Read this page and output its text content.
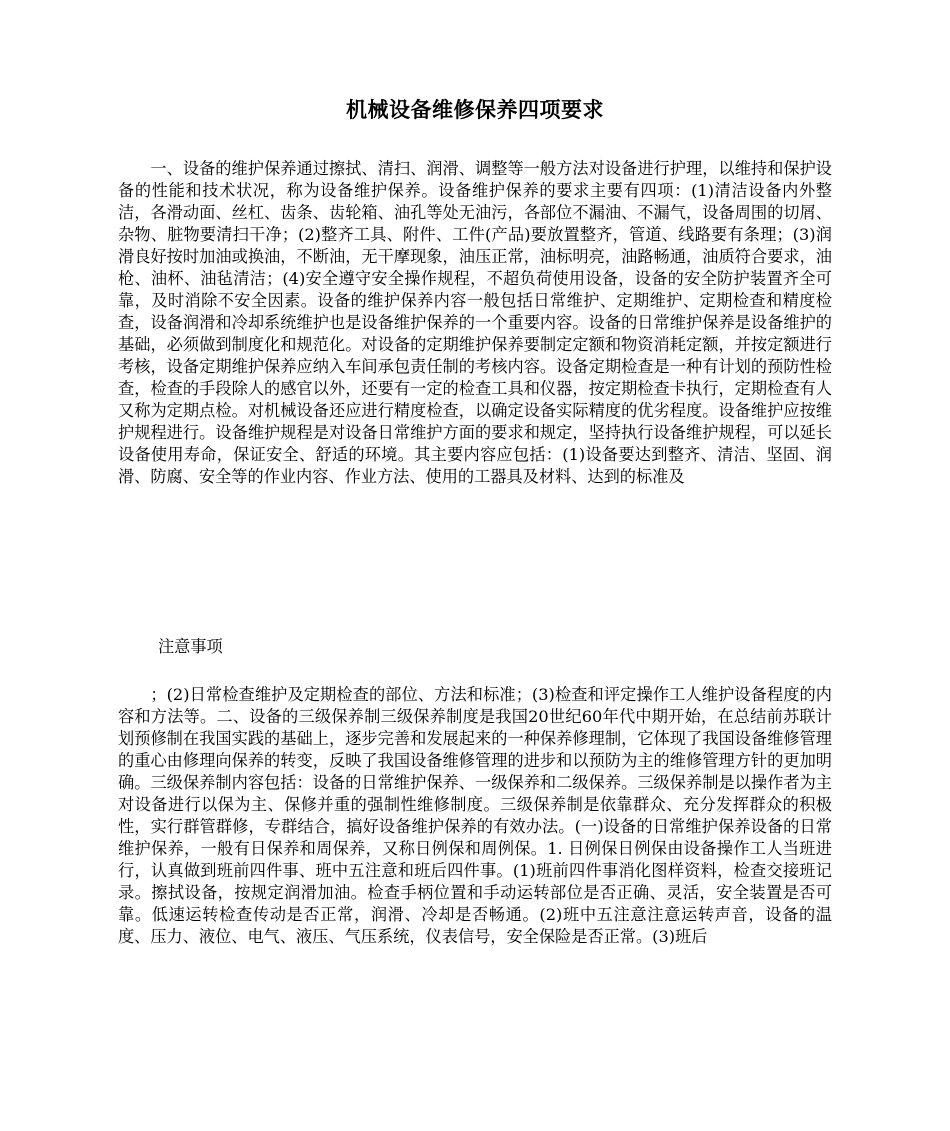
机械设备维修保养四项要求

一、设备的维护保养通过擦拭、清扫、润滑、调整等一般方法对设备进行护理，以维持和保护设备的性能和技术状况，称为设备维护保养。设备维护保养的要求主要有四项：(1)清洁设备内外整洁，各滑动面、丝杠、齿条、齿轮箱、油孔等处无油污，各部位不漏油、不漏气，设备周围的切屑、杂物、脏物要清扫干净；(2)整齐工具、附件、工件(产品)要放置整齐，管道、线路要有条理；(3)润滑良好按时加油或换油，不断油，无干摩现象，油压正常，油标明亮，油路畅通，油质符合要求，油枪、油杯、油毡清洁；(4)安全遵守安全操作规程，不超负荷使用设备，设备的安全防护装置齐全可靠，及时消除不安全因素。设备的维护保养内容一般包括日常维护、定期维护、定期检查和精度检查，设备润滑和冷却系统维护也是设备维护保养的一个重要内容。设备的日常维护保养是设备维护的基础，必须做到制度化和规范化。对设备的定期维护保养要制定定额和物资消耗定额，并按定额进行考核，设备定期维护保养应纳入车间承包责任制的考核内容。设备定期检查是一种有计划的预防性检查，检查的手段除人的感官以外，还要有一定的检查工具和仪器，按定期检查卡执行，定期检查有人又称为定期点检。对机械设备还应进行精度检查，以确定设备实际精度的优劣程度。设备维护应按维护规程进行。设备维护规程是对设备日常维护方面的要求和规定，坚持执行设备维护规程，可以延长设备使用寿命，保证安全、舒适的环境。其主要内容应包括：(1)设备要达到整齐、清洁、坚固、润滑、防腐、安全等的作业内容、作业方法、使用的工器具及材料、达到的标准及

注意事项

；(2)日常检查维护及定期检查的部位、方法和标准；(3)检查和评定操作工人维护设备程度的内容和方法等。二、设备的三级保养制三级保养制度是我国20世纪60年代中期开始，在总结前苏联计划预修制在我国实践的基础上，逐步完善和发展起来的一种保养修理制，它体现了我国设备维修管理的重心由修理向保养的转变，反映了我国设备维修管理的进步和以预防为主的维修管理方针的更加明确。三级保养制内容包括：设备的日常维护保养、一级保养和二级保养。三级保养制是以操作者为主对设备进行以保为主、保修并重的强制性维修制度。三级保养制是依靠群众、充分发挥群众的积极性，实行群管群修，专群结合，搞好设备维护保养的有效办法。(一)设备的日常维护保养设备的日常维护保养，一般有日保养和周保养，又称日例保和周例保。1. 日例保日例保由设备操作工人当班进行，认真做到班前四件事、班中五注意和班后四件事。(1)班前四件事消化图样资料，检查交接班记录。擦拭设备，按规定润滑加油。检查手柄位置和手动运转部位是否正确、灵活，安全装置是否可靠。低速运转检查传动是否正常，润滑、冷却是否畅通。(2)班中五注意注意运转声音，设备的温度、压力、液位、电气、液压、气压系统，仪表信号，安全保险是否正常。(3)班后
